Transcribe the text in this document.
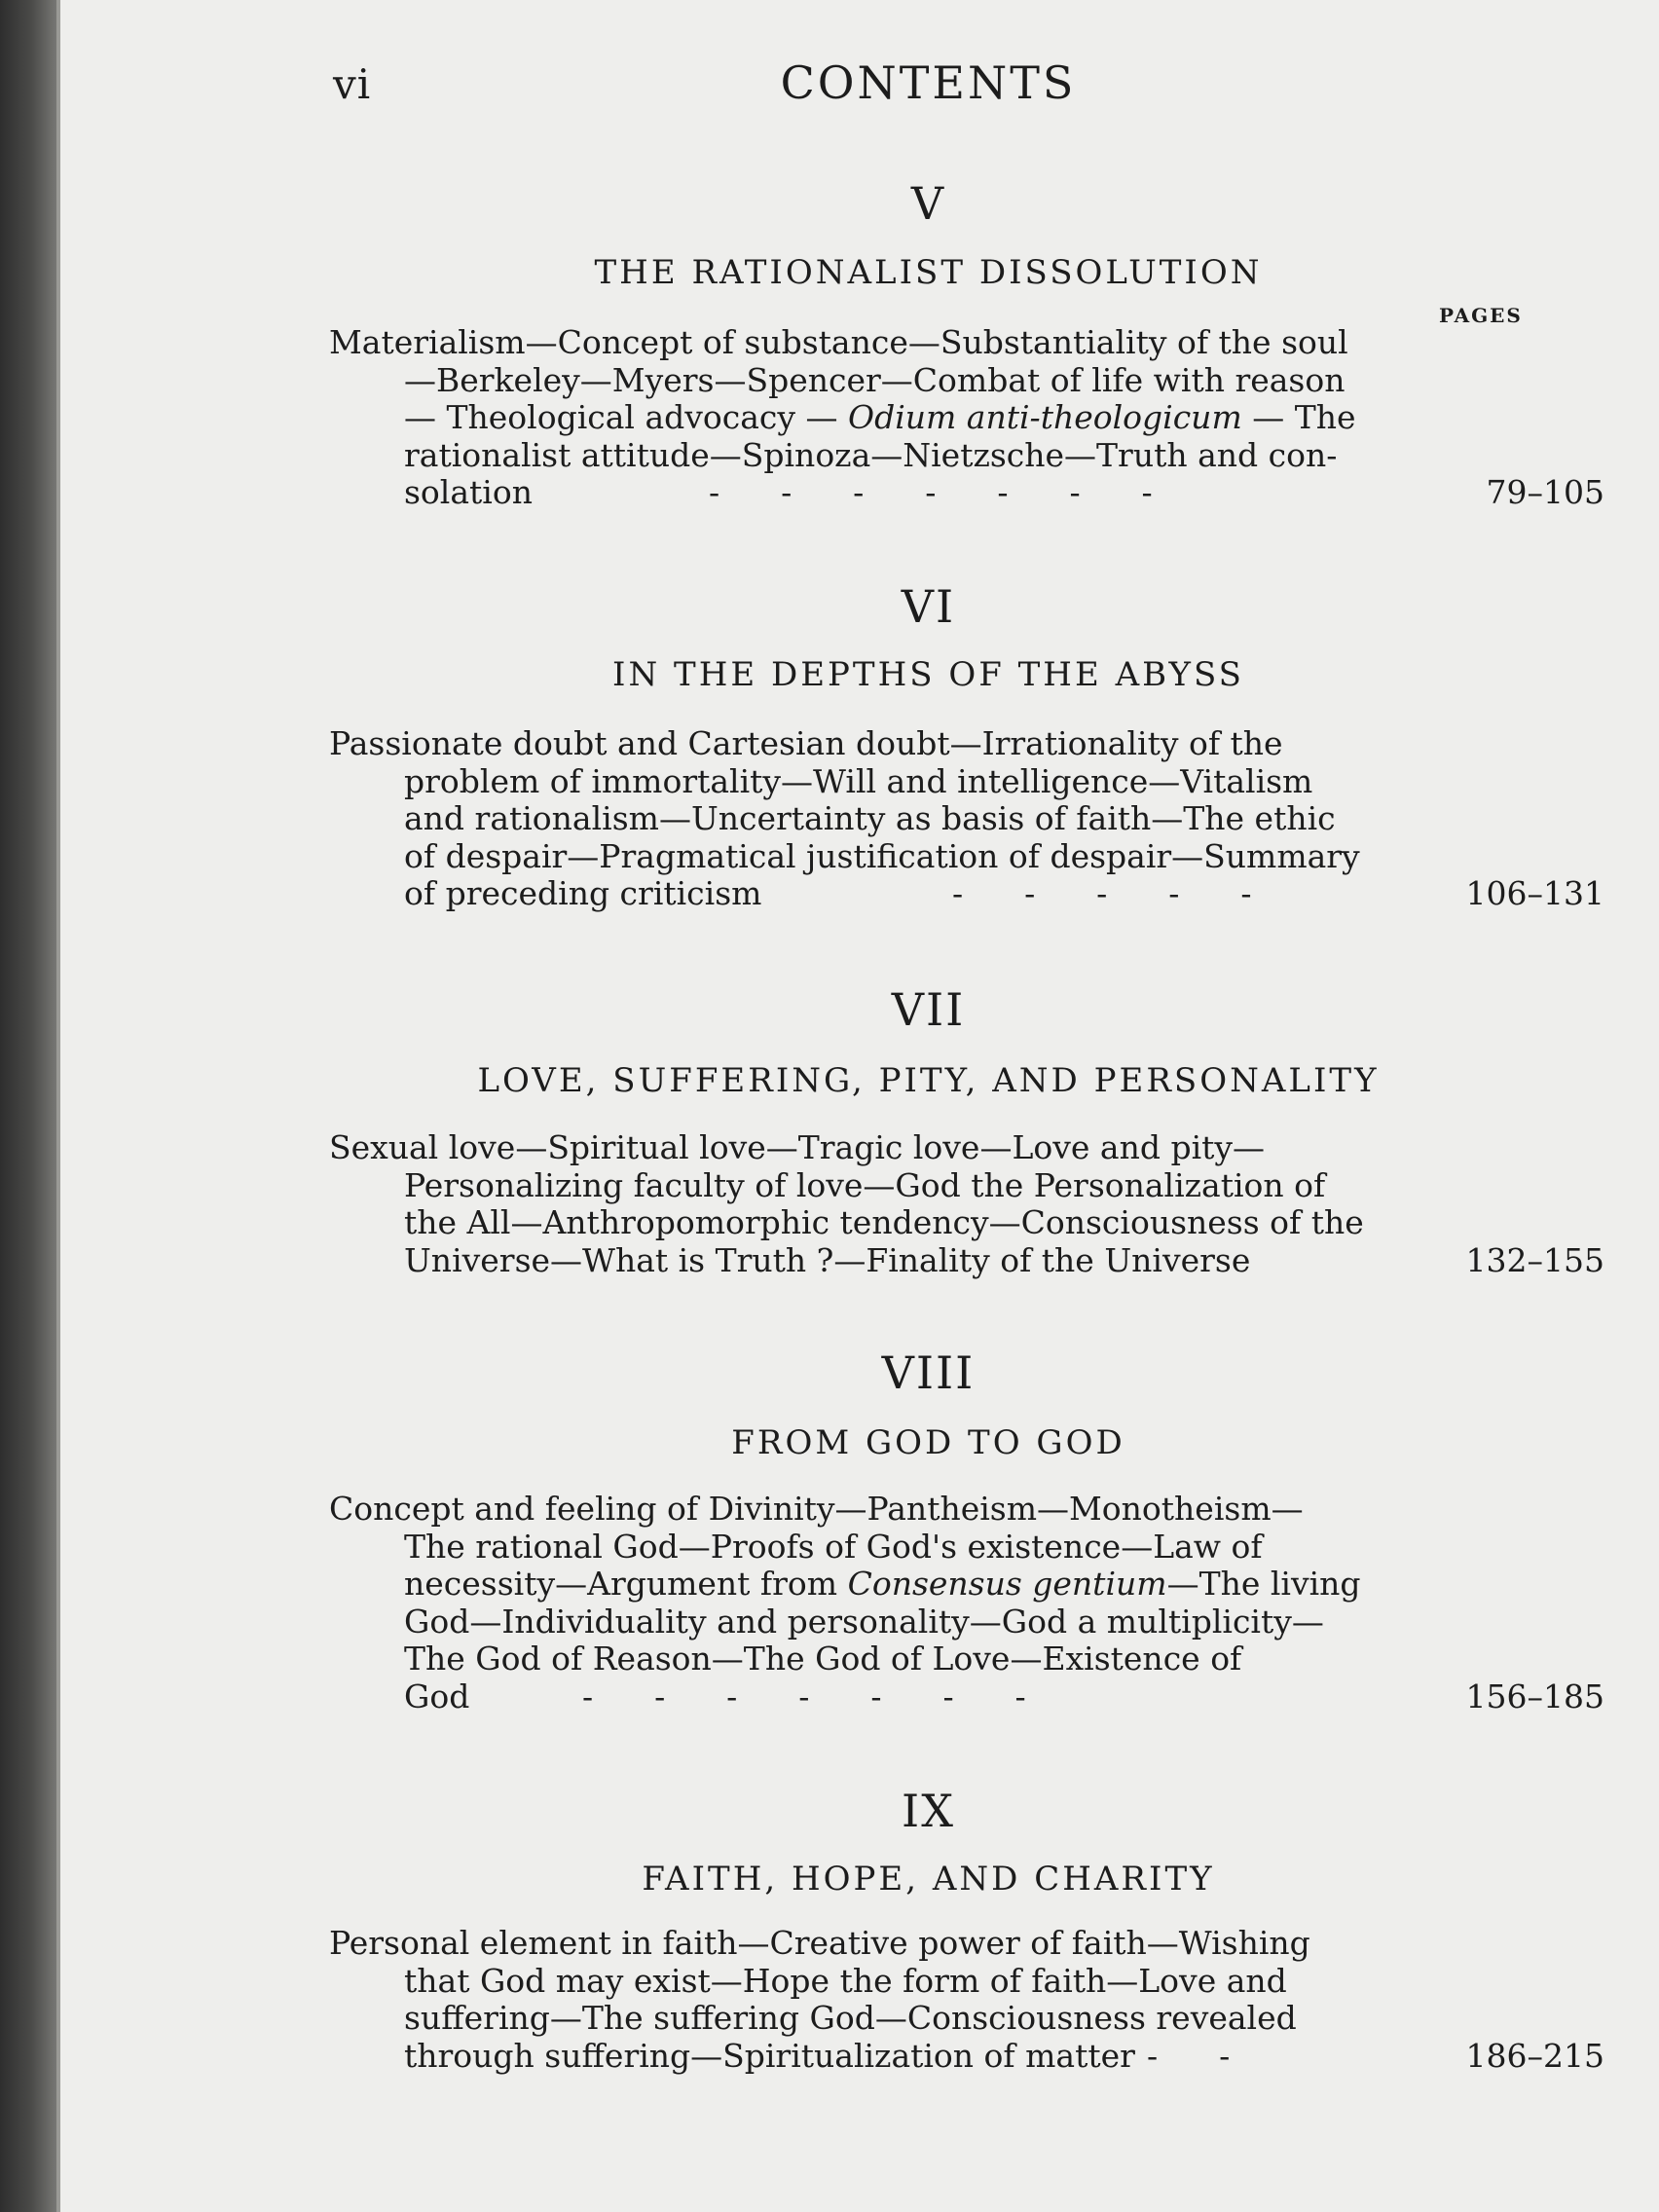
vi	CONTENTS
PAGES
V
THE RATIONALIST DISSOLUTION
Materialism—Concept of substance—Substantiality of the soul
—Berkeley—Myers—Spencer—Combat of life with reason
— Theological advocacy — Odium anti-theologicum — The
rationalist attitude—Spinoza—Nietzsche—Truth and con-
solation	-      -      -      -      -      -      -	79–105
VI
IN THE DEPTHS OF THE ABYSS
Passionate doubt and Cartesian doubt—Irrationality of the
problem of immortality—Will and intelligence—Vitalism
and rationalism—Uncertainty as basis of faith—The ethic
of despair—Pragmatical justification of despair—Summary
of preceding criticism	-      -      -      -      -	106–131
VII
LOVE, SUFFERING, PITY, AND PERSONALITY
Sexual love—Spiritual love—Tragic love—Love and pity—
Personalizing faculty of love—God the Personalization of
the All—Anthropomorphic tendency—Consciousness of the
Universe—What is Truth ?—Finality of the Universe	132–155
VIII
FROM GOD TO GOD
Concept and feeling of Divinity—Pantheism—Monotheism—
The rational God—Proofs of God's existence—Law of
necessity—Argument from Consensus gentium—The living
God—Individuality and personality—God a multiplicity—
The God of Reason—The God of Love—Existence of
God	-      -      -      -      -      -      -	156–185
IX
FAITH, HOPE, AND CHARITY
Personal element in faith—Creative power of faith—Wishing
that God may exist—Hope the form of faith—Love and
suffering—The suffering God—Consciousness revealed
through suffering—Spiritualization of matter -      -	186–215
